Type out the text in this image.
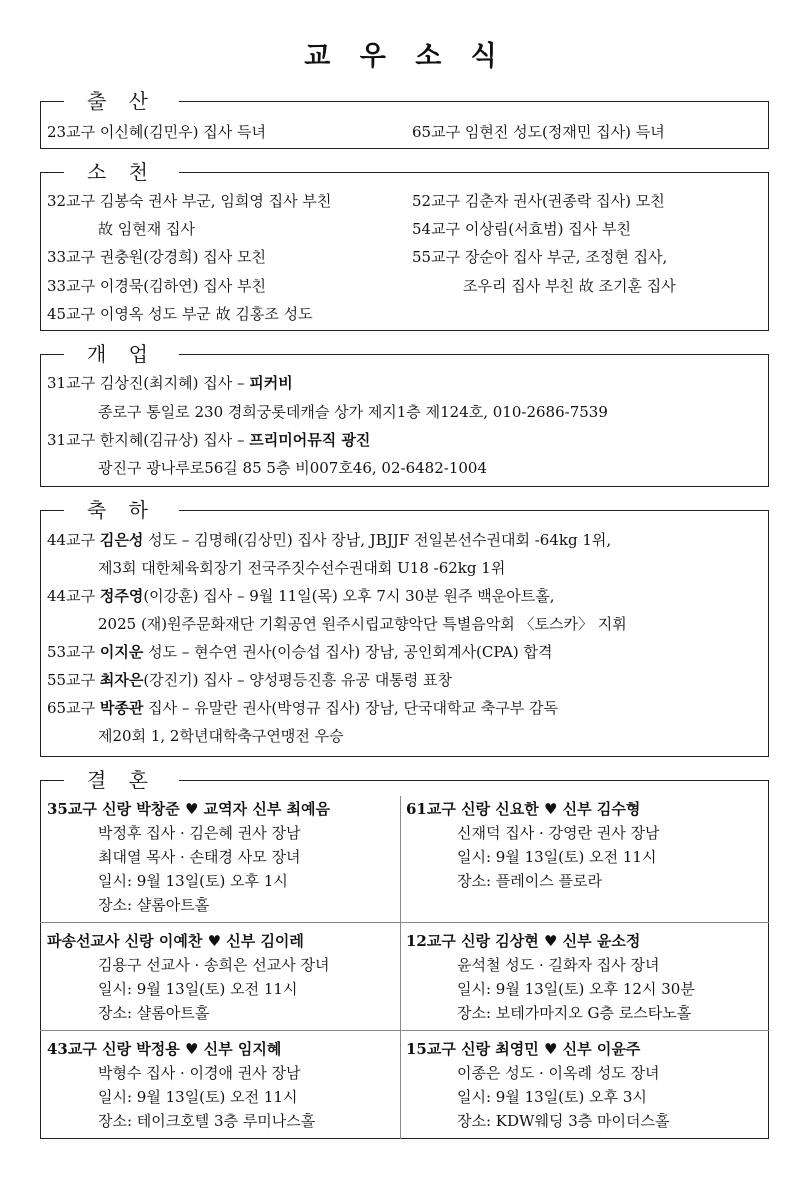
교 우 소 식
출 산
23교구 이신혜(김민우) 집사 득녀	65교구 임현진 성도(정재민 집사) 득녀
소 천
32교구 김봉숙 권사 부군, 임희영 집사 부친
故 임현재 집사
33교구 권충원(강경희) 집사 모친
33교구 이경묵(김하연) 집사 부친
45교구 이영옥 성도 부군 故 김홍조 성도
52교구 김춘자 권사(권종락 집사) 모친
54교구 이상림(서효범) 집사 부친
55교구 장순아 집사 부군, 조정현 집사,
조우리 집사 부친 故 조기훈 집사
개 업
31교구 김상진(최지혜) 집사 – 피커비
종로구 통일로 230 경희궁롯데캐슬 상가 제지1층 제124호, 010-2686-7539
31교구 한지혜(김규상) 집사 – 프리미어뮤직 광진
광진구 광나루로56길 85 5층 비007호46, 02-6482-1004
축 하
44교구 김은성 성도 – 김명해(김상민) 집사 장남, JBJJF 전일본선수권대회 -64kg 1위,
제3회 대한체육회장기 전국주짓수선수권대회 U18 -62kg 1위
44교구 정주영(이강훈) 집사 – 9월 11일(목) 오후 7시 30분 원주 백운아트홀,
2025 (재)원주문화재단 기획공연 원주시립교향악단 특별음악회 〈토스카〉 지휘
53교구 이지운 성도 – 현수연 권사(이승섭 집사) 장남, 공인회계사(CPA) 합격
55교구 최자은(강진기) 집사 – 양성평등진흥 유공 대통령 표창
65교구 박종관 집사 – 유말란 권사(박영규 집사) 장남, 단국대학교 축구부 감독
제20회 1, 2학년대학축구연맹전 우승
결 혼
35교구 신랑 박창준 ♥ 교역자 신부 최예음
박정후 집사 · 김은혜 권사 장남
최대열 목사 · 손태경 사모 장녀
일시: 9월 13일(토) 오후 1시
장소: 샬롬아트홀
61교구 신랑 신요한 ♥ 신부 김수형
신재덕 집사 · 강영란 권사 장남
일시: 9월 13일(토) 오전 11시
장소: 플레이스 플로라
파송선교사 신랑 이예찬 ♥ 신부 김이레
김용구 선교사 · 송희은 선교사 장녀
일시: 9월 13일(토) 오전 11시
장소: 샬롬아트홀
12교구 신랑 김상현 ♥ 신부 윤소정
윤석철 성도 · 길화자 집사 장녀
일시: 9월 13일(토) 오후 12시 30분
장소: 보테가마지오 G층 로스타노홀
43교구 신랑 박정용 ♥ 신부 임지혜
박형수 집사 · 이경애 권사 장남
일시: 9월 13일(토) 오전 11시
장소: 테이크호텔 3층 루미나스홀
15교구 신랑 최영민 ♥ 신부 이윤주
이종은 성도 · 이옥례 성도 장녀
일시: 9월 13일(토) 오후 3시
장소: KDW웨딩 3층 마이더스홀
